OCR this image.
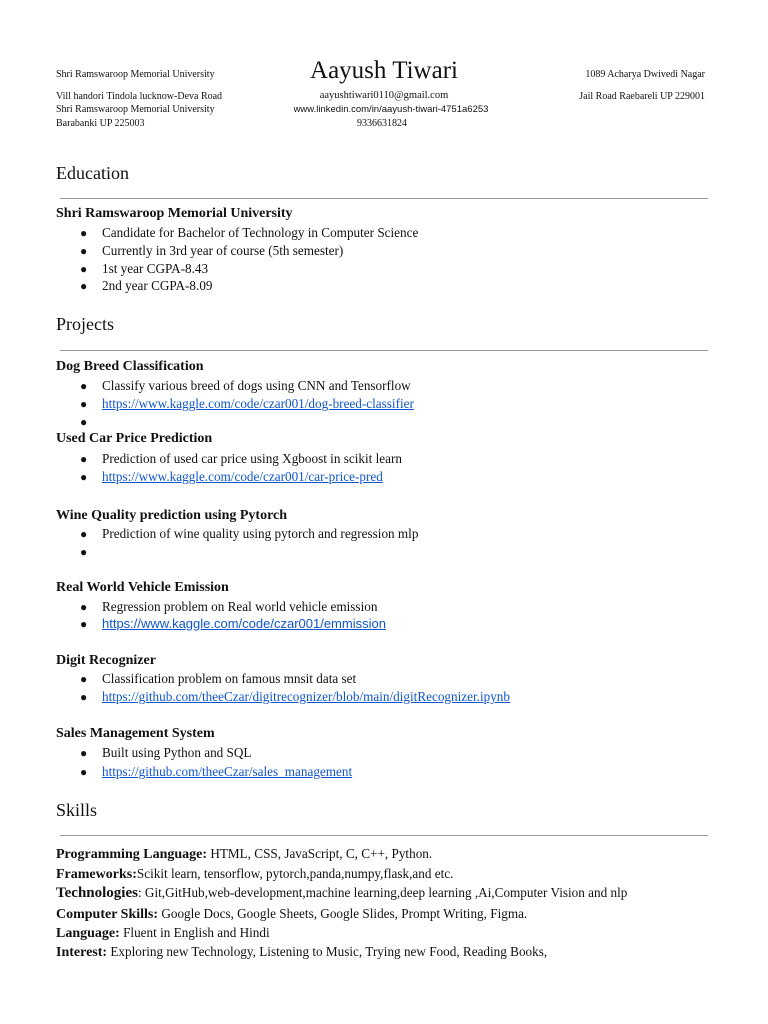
Shri Ramswaroop Memorial University	Aayush Tiwari	1089 Acharya Dwivedi Nagar
Vill handori Tindola lucknow-Deva Road	aayushtiwari0110@gmail.com	Jail Road Raebareli UP 229001
Shri Ramswaroop Memorial University	www.linkedin.com/in/aayush-tiwari-4751a6253
Barabanki UP 225003	9336631824
Education
Shri Ramswaroop Memorial University
● Candidate for Bachelor of Technology in Computer Science
● Currently in 3rd year of course (5th semester)
● 1st year CGPA-8.43
● 2nd year CGPA-8.09
Projects
Dog Breed Classification
● Classify various breed of dogs using CNN and Tensorflow
● https://www.kaggle.com/code/czar001/dog-breed-classifier
●
Used Car Price Prediction
● Prediction of used car price using Xgboost in scikit learn
● https://www.kaggle.com/code/czar001/car-price-pred
Wine Quality prediction using Pytorch
● Prediction of wine quality using pytorch and regression mlp
●
Real World Vehicle Emission
● Regression problem on Real world vehicle emission
● https://www.kaggle.com/code/czar001/emmission
Digit Recognizer
● Classification problem on famous mnsit data set
● https://github.com/theeCzar/digitrecognizer/blob/main/digitRecognizer.ipynb
Sales Management System
● Built using Python and SQL
● https://github.com/theeCzar/sales_management
Skills
Programming Language: HTML, CSS, JavaScript, C, C++, Python.
Frameworks:Scikit learn, tensorflow, pytorch,panda,numpy,flask,and etc.
Technologies: Git,GitHub,web-development,machine learning,deep learning ,Ai,Computer Vision and nlp
Computer Skills: Google Docs, Google Sheets, Google Slides, Prompt Writing, Figma.
Language: Fluent in English and Hindi
Interest: Exploring new Technology, Listening to Music, Trying new Food, Reading Books,
